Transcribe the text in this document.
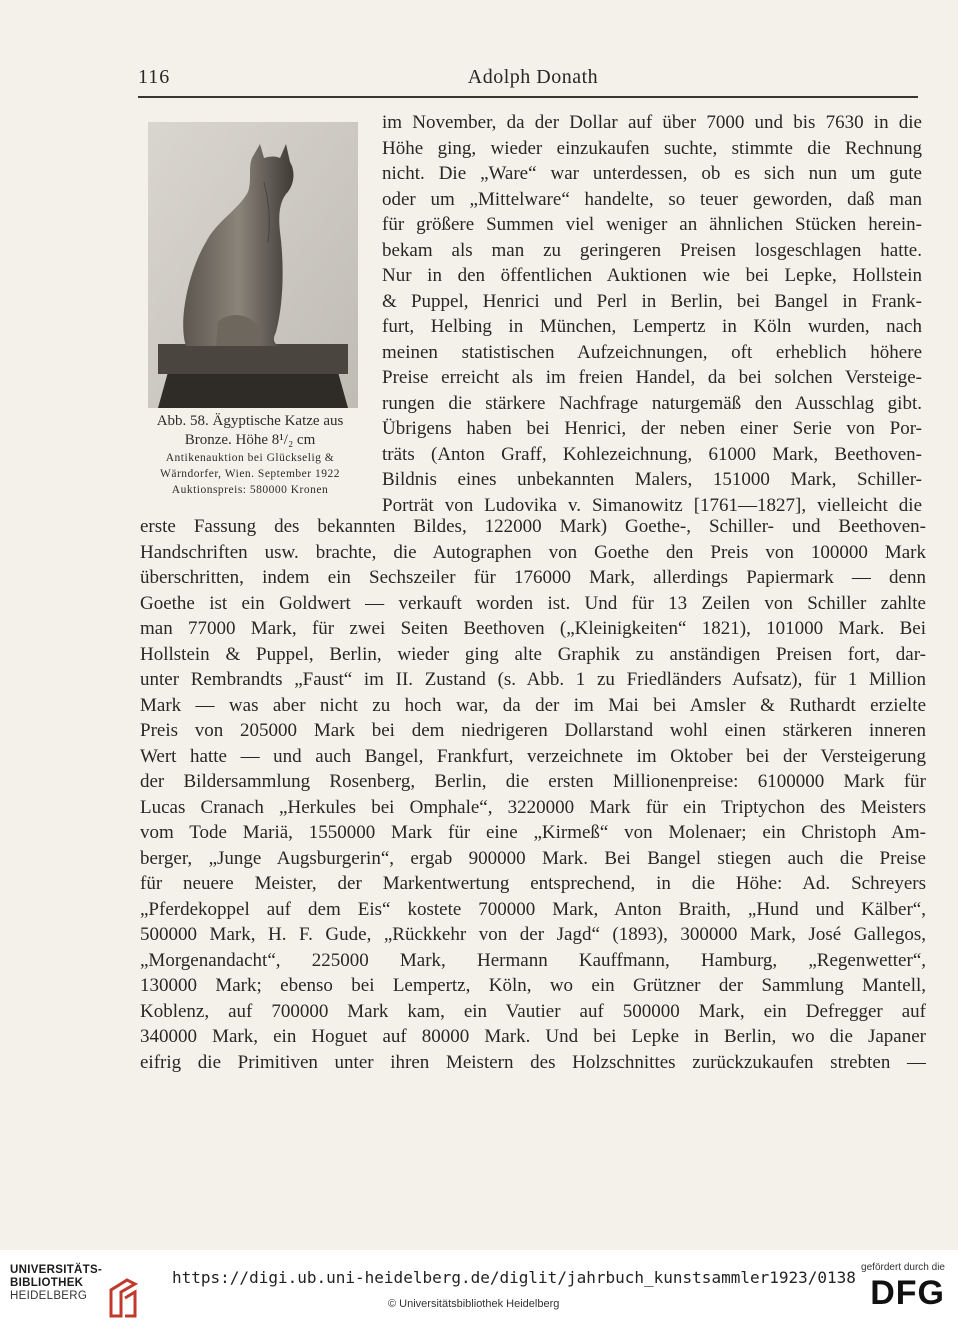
116	Adolph Donath
Abb. 58. Ägyptische Katze aus
Bronze. Höhe 8¹/₂ cm
Antikenauktion bei Glückselig &
Wärndorfer, Wien. September 1922
Auktionspreis: 580000 Kronen
im November, da der Dollar auf über 7000 und bis 7630 in die
Höhe ging, wieder einzukaufen suchte, stimmte die Rechnung
nicht. Die „Ware“ war unterdessen, ob es sich nun um gute
oder um „Mittelware“ handelte, so teuer geworden, daß man
für größere Summen viel weniger an ähnlichen Stücken herein-
bekam als man zu geringeren Preisen losgeschlagen hatte.
Nur in den öffentlichen Auktionen wie bei Lepke, Hollstein
& Puppel, Henrici und Perl in Berlin, bei Bangel in Frank-
furt, Helbing in München, Lempertz in Köln wurden, nach
meinen statistischen Aufzeichnungen, oft erheblich höhere
Preise erreicht als im freien Handel, da bei solchen Versteige-
rungen die stärkere Nachfrage naturgemäß den Ausschlag gibt.
Übrigens haben bei Henrici, der neben einer Serie von Por-
träts (Anton Graff, Kohlezeichnung, 61000 Mark, Beethoven-
Bildnis eines unbekannten Malers, 151000 Mark, Schiller-
Porträt von Ludovika v. Simanowitz [1761—1827], vielleicht die
erste Fassung des bekannten Bildes, 122000 Mark) Goethe-, Schiller- und Beethoven-
Handschriften usw. brachte, die Autographen von Goethe den Preis von 100000 Mark
überschritten, indem ein Sechszeiler für 176000 Mark, allerdings Papiermark — denn
Goethe ist ein Goldwert — verkauft worden ist. Und für 13 Zeilen von Schiller zahlte
man 77000 Mark, für zwei Seiten Beethoven („Kleinigkeiten“ 1821), 101000 Mark. Bei
Hollstein & Puppel, Berlin, wieder ging alte Graphik zu anständigen Preisen fort, dar-
unter Rembrandts „Faust“ im II. Zustand (s. Abb. 1 zu Friedländers Aufsatz), für 1 Million
Mark — was aber nicht zu hoch war, da der im Mai bei Amsler & Ruthardt erzielte
Preis von 205000 Mark bei dem niedrigeren Dollarstand wohl einen stärkeren inneren
Wert hatte — und auch Bangel, Frankfurt, verzeichnete im Oktober bei der Versteigerung
der Bildersammlung Rosenberg, Berlin, die ersten Millionenpreise: 6100000 Mark für
Lucas Cranach „Herkules bei Omphale“, 3220000 Mark für ein Triptychon des Meisters
vom Tode Mariä, 1550000 Mark für eine „Kirmeß“ von Molenaer; ein Christoph Am-
berger, „Junge Augsburgerin“, ergab 900000 Mark. Bei Bangel stiegen auch die Preise
für neuere Meister, der Markentwertung entsprechend, in die Höhe: Ad. Schreyers
„Pferdekoppel auf dem Eis“ kostete 700000 Mark, Anton Braith, „Hund und Kälber“,
500000 Mark, H. F. Gude, „Rückkehr von der Jagd“ (1893), 300000 Mark, José Gallegos,
„Morgenandacht“, 225000 Mark, Hermann Kauffmann, Hamburg, „Regenwetter“,
130000 Mark; ebenso bei Lempertz, Köln, wo ein Grützner der Sammlung Mantell,
Koblenz, auf 700000 Mark kam, ein Vautier auf 500000 Mark, ein Defregger auf
340000 Mark, ein Hoguet auf 80000 Mark. Und bei Lepke in Berlin, wo die Japaner
eifrig die Primitiven unter ihren Meistern des Holzschnittes zurückzukaufen strebten —
UNIVERSITÄTS-
BIBLIOTHEK
HEIDELBERG
https://digi.ub.uni-heidelberg.de/diglit/jahrbuch_kunstsammler1923/0138
© Universitätsbibliothek Heidelberg
gefördert durch die
DFG
